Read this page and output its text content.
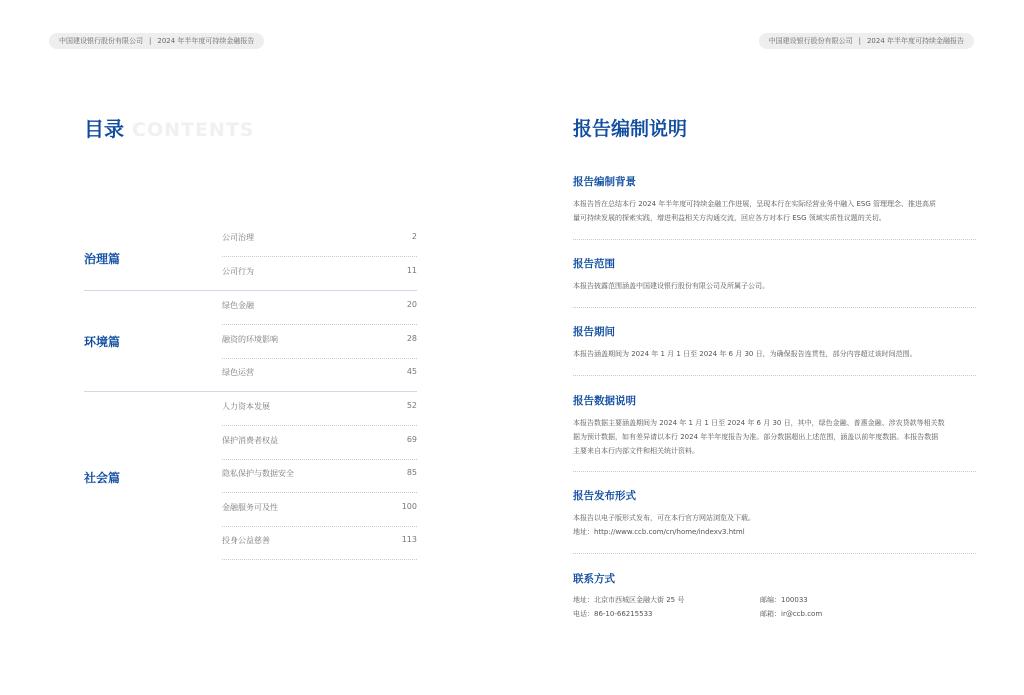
中国建设银行股份有限公司 | 2024 年半年度可持续金融报告	中国建设银行股份有限公司 | 2024 年半年度可持续金融报告
目录 CONTENTS
治理篇
公司治理	2
公司行为	11
环境篇
绿色金融	20
融资的环境影响	28
绿色运营	45
社会篇
人力资本发展	52
保护消费者权益	69
隐私保护与数据安全	85
金融服务可及性	100
投身公益慈善	113
报告编制说明
报告编制背景

本报告旨在总结本行 2024 年半年度可持续金融工作进展，呈现本行在实际经营业务中融入 ESG 管理理念、推进高质
量可持续发展的探索实践，增进利益相关方沟通交流，回应各方对本行 ESG 领域实质性议题的关切。

报告范围

本报告披露范围涵盖中国建设银行股份有限公司及所属子公司。

报告期间

本报告涵盖期间为 2024 年 1 月 1 日至 2024 年 6 月 30 日，为确保报告连贯性，部分内容超过该时间范围。

报告数据说明

本报告数据主要涵盖期间为 2024 年 1 月 1 日至 2024 年 6 月 30 日，其中，绿色金融、普惠金融、涉农贷款等相关数
据为预计数据，如有差异请以本行 2024 年半年度报告为准。部分数据超出上述范围，涵盖以前年度数据。本报告数据
主要来自本行内部文件和相关统计资料。

报告发布形式

本报告以电子版形式发布，可在本行官方网站浏览及下载。
地址：http://www.ccb.com/cn/home/indexv3.html

联系方式
地址：北京市西城区金融大街 25 号	邮编：100033
电话：86-10-66215533	邮箱：ir@ccb.com
